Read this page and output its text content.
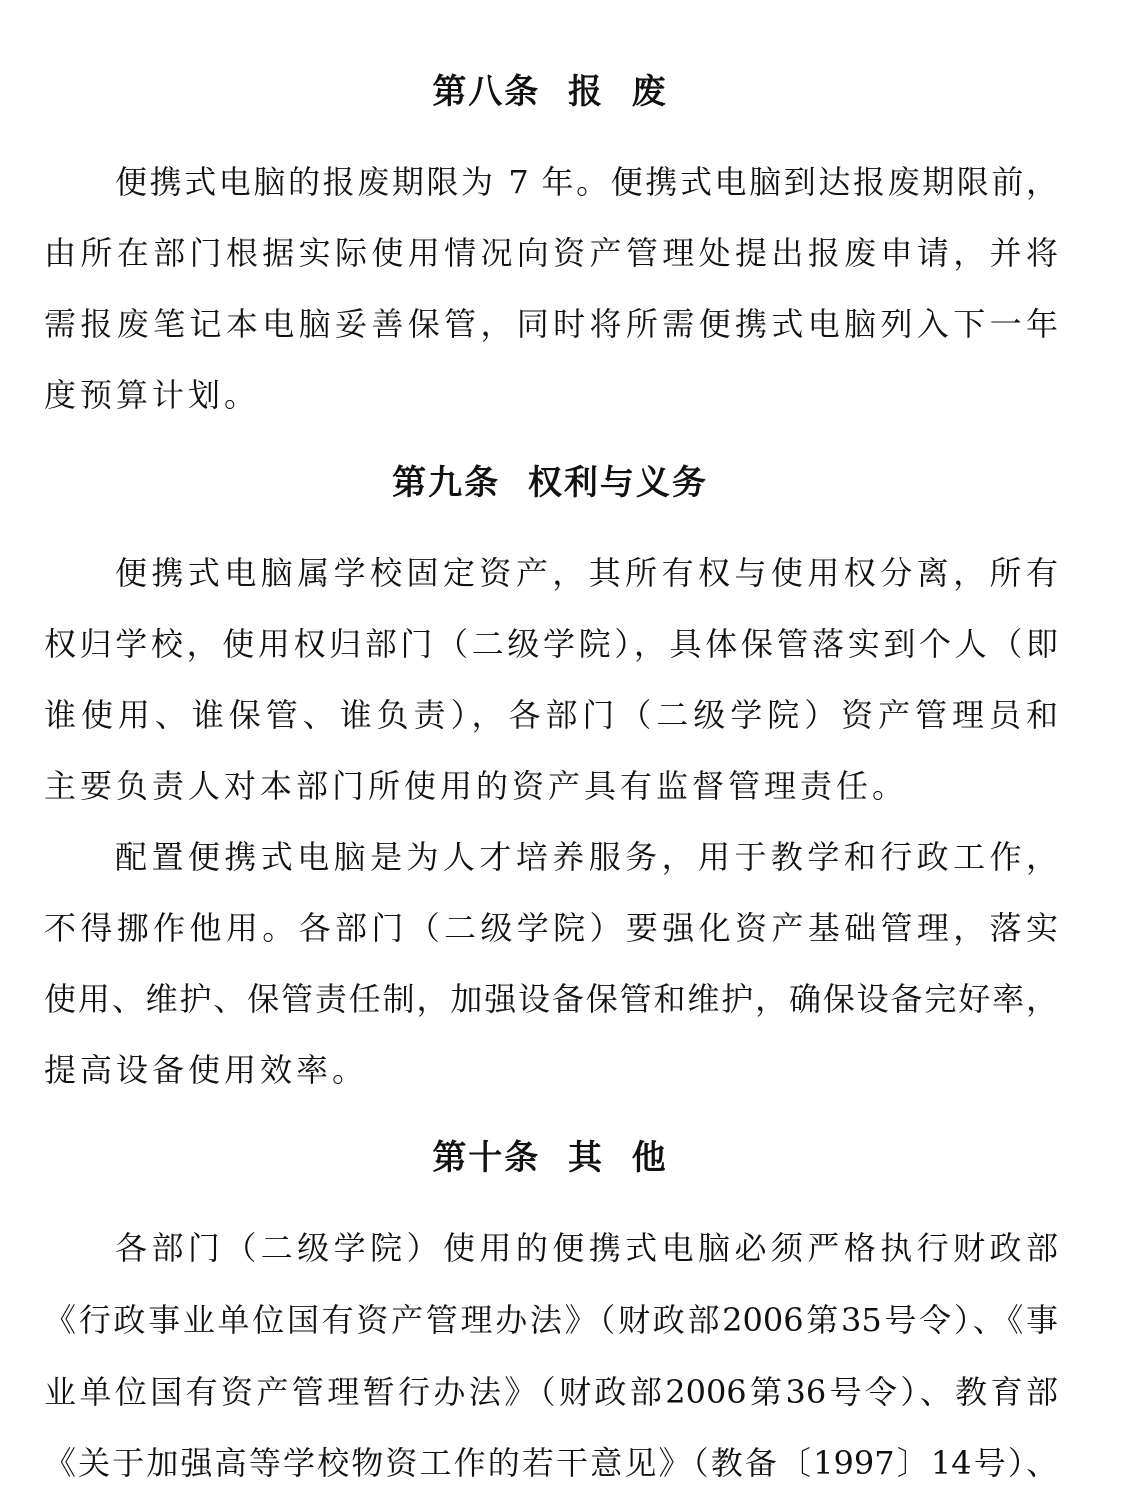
第八条  报  废
便携式电脑的报废期限为 7 年。便携式电脑到达报废期限前，
由所在部门根据实际使用情况向资产管理处提出报废申请，并将
需报废笔记本电脑妥善保管，同时将所需便携式电脑列入下一年
度预算计划。
第九条  权利与义务
便携式电脑属学校固定资产，其所有权与使用权分离，所有
权归学校，使用权归部门（二级学院），具体保管落实到个人（即
谁使用、谁保管、谁负责），各部门（二级学院）资产管理员和
主要负责人对本部门所使用的资产具有监督管理责任。
配置便携式电脑是为人才培养服务，用于教学和行政工作，
不得挪作他用。各部门（二级学院）要强化资产基础管理，落实
使用、维护、保管责任制，加强设备保管和维护，确保设备完好率，
提高设备使用效率。
第十条  其  他
各部门（二级学院）使用的便携式电脑必须严格执行财政部
《行政事业单位国有资产管理办法》（财政部2006第35号令）、《事
业单位国有资产管理暂行办法》（财政部2006第36号令）、教育部
《关于加强高等学校物资工作的若干意见》（教备〔1997〕14号）、
